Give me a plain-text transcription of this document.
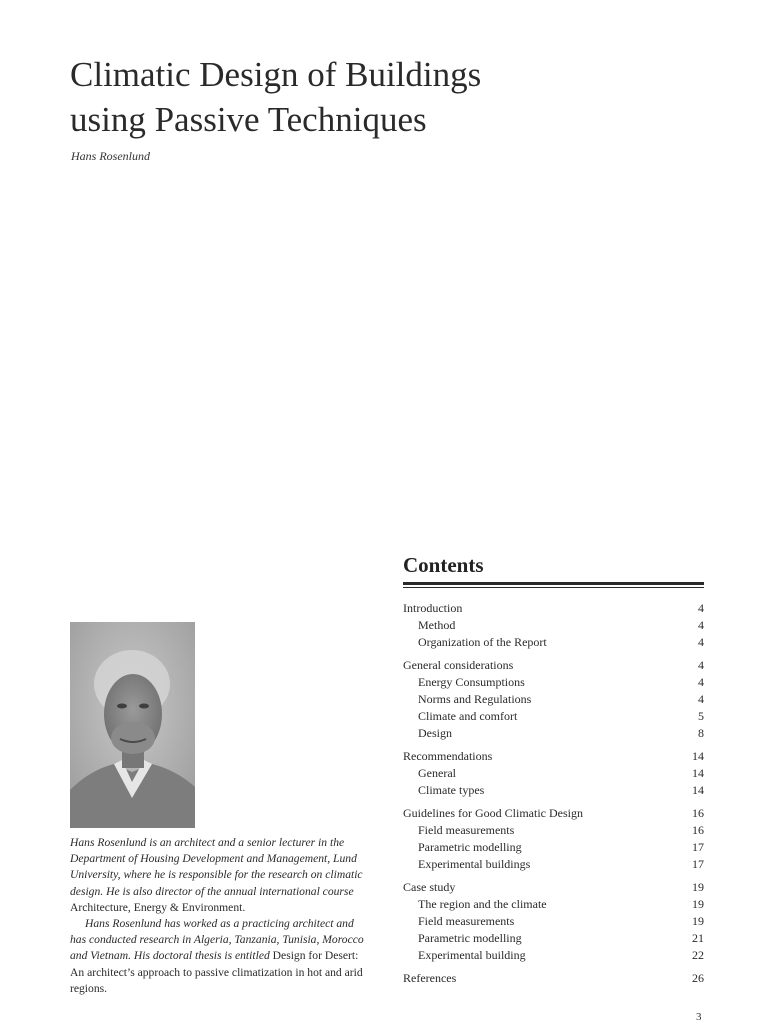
Climatic Design of Buildings
using Passive Techniques
Hans Rosenlund

Hans Rosenlund is an architect and a senior lecturer in the Department of Housing Development and Management, Lund University, where he is responsible for the research on climatic design. He is also director of the annual international course Architecture, Energy & Environment.

Hans Rosenlund has worked as a practicing architect and has conducted research in Algeria, Tanzania, Tunisia, Morocco and Vietnam. His doctoral thesis is entitled Design for Desert: An architect’s approach to passive climatization in hot and arid regions.

Contents
Introduction	4
Method	4
Organization of the Report	4
General considerations	4
Energy Consumptions	4
Norms and Regulations	4
Climate and comfort	5
Design	8
Recommendations	14
General	14
Climate types	14
Guidelines for Good Climatic Design	16
Field measurements	16
Parametric modelling	17
Experimental buildings	17
Case study	19
The region and the climate	19
Field measurements	19
Parametric modelling	21
Experimental building	22
References	26
3
